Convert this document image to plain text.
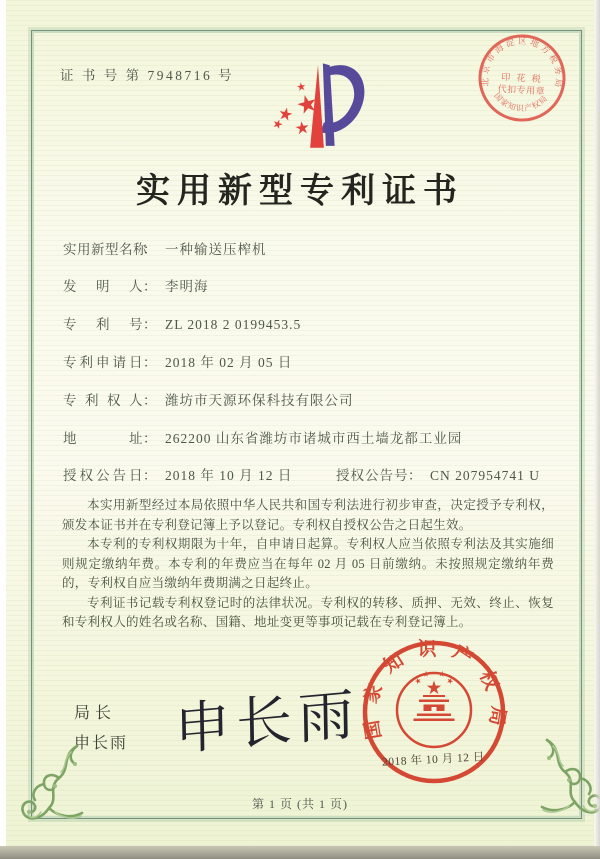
证 书 号 第 7948716 号	北京市海淀区地方税务局
国家知识产权局
印 花 税
代扣专用章
实用新型专利证书
实用新型名称： 一种输送压榨机
发明人： 李明海
专利号： ZL 2018 2 0199453.5
专利申请日： 2018 年 02 月 05 日
专利权人： 潍坊市天源环保科技有限公司
地址： 262200 山东省潍坊市诸城市西土墙龙都工业园
授权公告日： 2018 年 10 月 12 日	授权公告号： CN 207954741 U

本实用新型经过本局依照中华人民共和国专利法进行初步审查，决定授予专利权，颁发本证书并在专利登记簿上予以登记。专利权自授权公告之日起生效。

本专利的专利权期限为十年，自申请日起算。专利权人应当依照专利法及其实施细则规定缴纳年费。本专利的年费应当在每年 02 月 05 日前缴纳。未按照规定缴纳年费的，专利权自应当缴纳年费期满之日起终止。

专利证书记载专利权登记时的法律状况。专利权的转移、质押、无效、终止、恢复和专利权人的姓名或名称、国籍、地址变更等事项记载在专利登记簿上。

局长
申长雨 申长雨
国家知识产权局
2018 年 10 月 12 日
第 1 页 (共 1 页)
